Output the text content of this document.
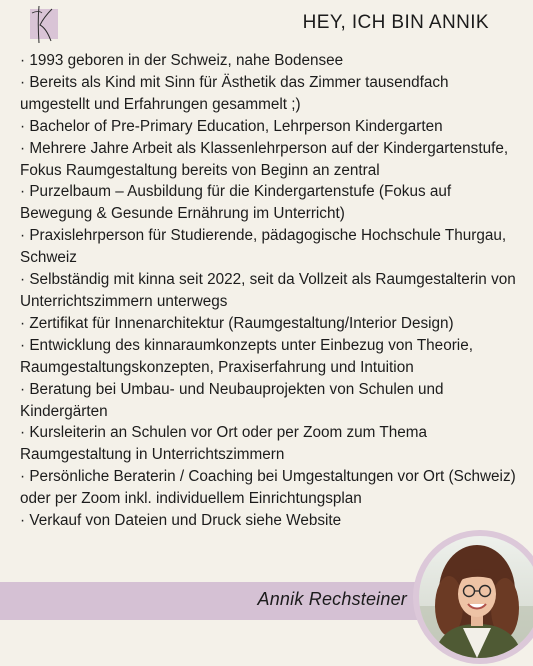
HEY, ICH BIN ANNIK
· 1993 geboren in der Schweiz, nahe Bodensee
· Bereits als Kind mit Sinn für Ästhetik das Zimmer tausendfach umgestellt und Erfahrungen gesammelt ;)
· Bachelor of Pre-Primary Education, Lehrperson Kindergarten
· Mehrere Jahre Arbeit als Klassenlehrperson auf der Kindergartenstufe, Fokus Raumgestaltung bereits von Beginn an zentral
· Purzelbaum – Ausbildung für die Kindergartenstufe (Fokus auf Bewegung & Gesunde Ernährung im Unterricht)
· Praxislehrperson für Studierende, pädagogische Hochschule Thurgau, Schweiz
· Selbständig mit kinna seit 2022, seit da Vollzeit als Raumgestalterin von Unterrichtszimmern unterwegs
· Zertifikat für Innenarchitektur (Raumgestaltung/Interior Design)
· Entwicklung des kinnaraumkonzepts unter Einbezug von Theorie, Raumgestaltungskonzepten, Praxiserfahrung und Intuition
· Beratung bei Umbau- und Neubauprojekten von Schulen und Kindergärten
· Kursleiterin an Schulen vor Ort oder per Zoom zum Thema Raumgestaltung in Unterrichtszimmern
· Persönliche Beraterin / Coaching bei Umgestaltungen vor Ort (Schweiz) oder per Zoom inkl. individuellem Einrichtungsplan
· Verkauf von Dateien und Druck siehe Website
Annik Rechsteiner
